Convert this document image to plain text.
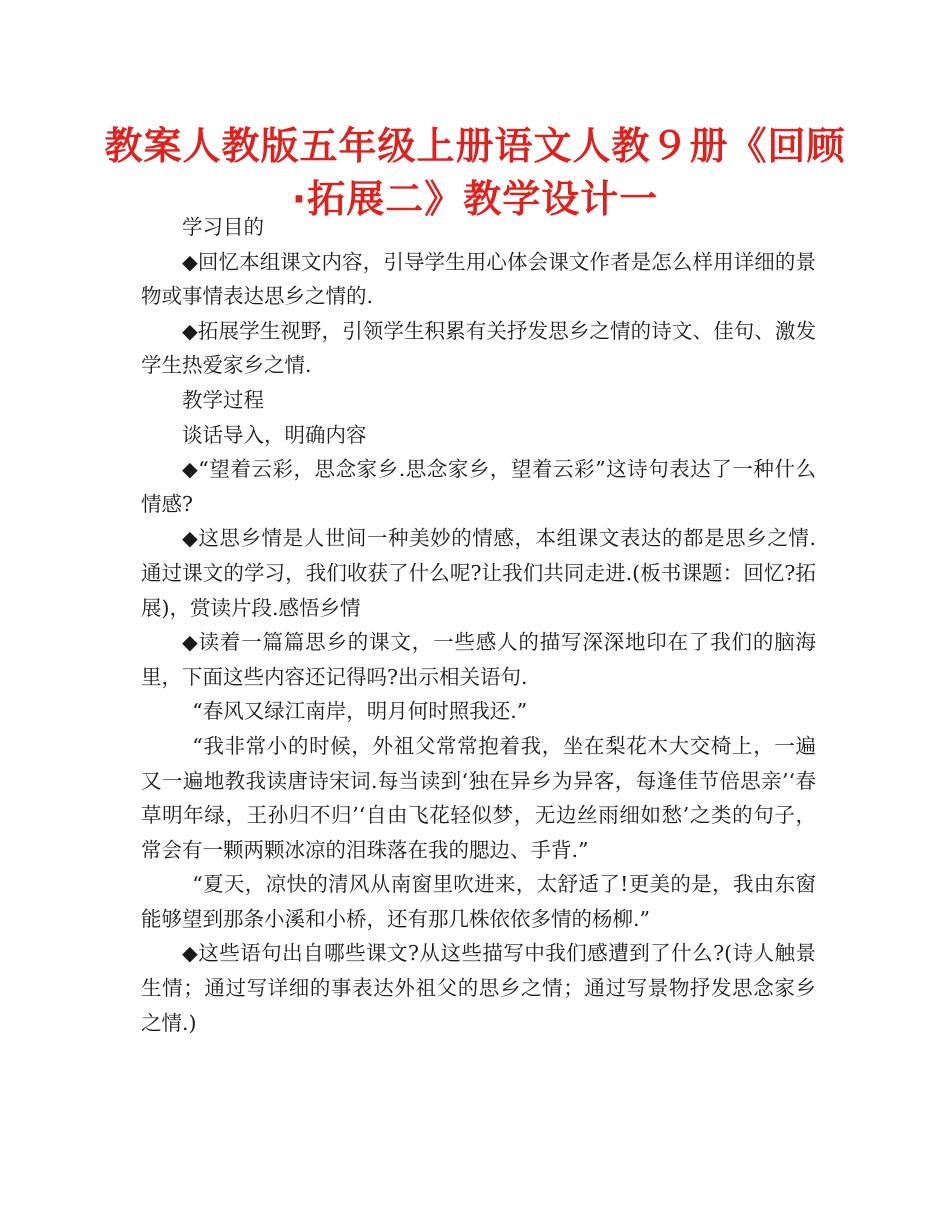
教案人教版五年级上册语文人教９册《回顾·拓展二》教学设计一

学习目的

◆回忆本组课文内容，引导学生用心体会课文作者是怎么样用详细的景物或事情表达思乡之情的.

◆拓展学生视野，引领学生积累有关抒发思乡之情的诗文、佳句、激发学生热爱家乡之情.

教学过程

谈话导入，明确内容

◆“望着云彩，思念家乡.思念家乡，望着云彩”这诗句表达了一种什么情感?

◆这思乡情是人世间一种美妙的情感，本组课文表达的都是思乡之情.通过课文的学习，我们收获了什么呢?让我们共同走进.(板书课题：回忆?拓展)，赏读片段.感悟乡情

◆读着一篇篇思乡的课文，一些感人的描写深深地印在了我们的脑海里，下面这些内容还记得吗?出示相关语句.

“春风又绿江南岸，明月何时照我还.”

“我非常小的时候，外祖父常常抱着我，坐在梨花木大交椅上，一遍又一遍地教我读唐诗宋词.每当读到‘独在异乡为异客，每逢佳节倍思亲’‘春草明年绿，王孙归不归’‘自由飞花轻似梦，无边丝雨细如愁’之类的句子，常会有一颗两颗冰凉的泪珠落在我的腮边、手背.”

“夏天，凉快的清风从南窗里吹进来，太舒适了!更美的是，我由东窗能够望到那条小溪和小桥，还有那几株依依多情的杨柳.”

◆这些语句出自哪些课文?从这些描写中我们感遭到了什么?(诗人触景生情；通过写详细的事表达外祖父的思乡之情；通过写景物抒发思念家乡之情.)
